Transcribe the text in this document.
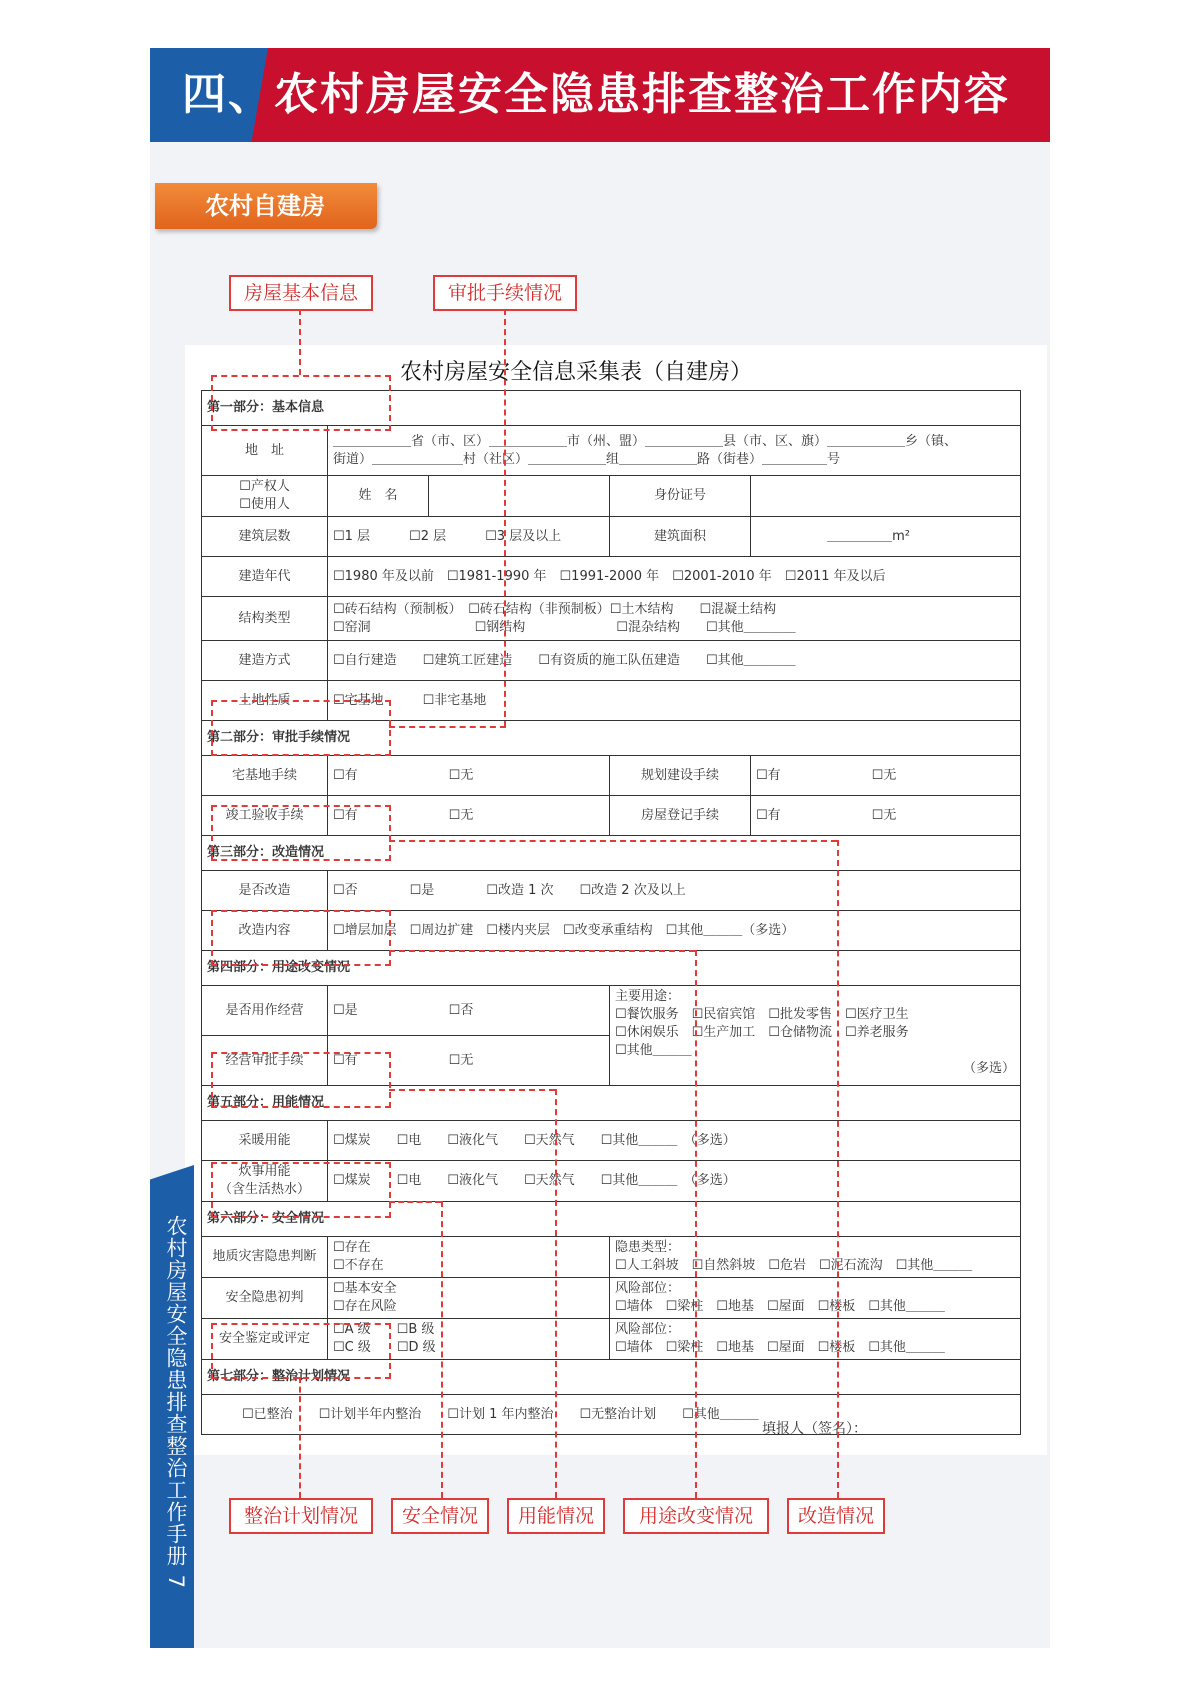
四、农村房屋安全隐患排查整治工作内容
农村自建房
房屋基本信息	审批手续情况
农村房屋安全信息采集表（自建房）
第一部分：基本信息				
地　址	＿＿＿＿＿＿省（市、区）＿＿＿＿＿＿市（州、盟）＿＿＿＿＿＿县（市、区、旗）＿＿＿＿＿＿乡（镇、
街道）＿＿＿＿＿＿＿村（社区）＿＿＿＿＿＿组＿＿＿＿＿＿路（街巷）＿＿＿＿＿号			

☐产权人
☐使用人	姓　名		身份证号	
建筑层数	☐1 层　　　☐2 层　　　☐3 层及以上		建筑面积	＿＿＿＿＿m²
建造年代	☐1980 年及以前　☐1981-1990 年　☐1991-2000 年　☐2001-2010 年　☐2011 年及以后			
结构类型	☐砖石结构（预制板）　☐砖石结构（非预制板）☐土木结构　　☐混凝土结构
☐窑洞　　　　　　　　☐钢结构　　　　　　　☐混杂结构　　☐其他＿＿＿＿			

建造方式	☐自行建造　　☐建筑工匠建造　　☐有资质的施工队伍建造　　☐其他＿＿＿＿			
土地性质	☐宅基地　　　☐非宅基地			
第二部分：审批手续情况				
宅基地手续	☐有　　　　　　　 ☐无		规划建设手续	☐有　　　　　　　 ☐无
竣工验收手续	☐有　　　　　　　 ☐无		房屋登记手续	☐有　　　　　　　 ☐无
第三部分：改造情况				
是否改造	☐否　　　　☐是　　　　☐改造 1 次　　☐改造 2 次及以上			
改造内容	☐增层加层　☐周边扩建　☐楼内夹层　☐改变承重结构　☐其他＿＿＿（多选）			
第四部分：用途改变情况				
是否用作经营	☐是　　　　　　　 ☐否		主要用途：
☐餐饮服务　☐民宿宾馆　☐批发零售　☐医疗卫生
☐休闲娱乐　☐生产加工　☐仓储物流　☐养老服务
☐其他＿＿＿
（多选）	

经营审批手续	☐有　　　　　　　 ☐无			
第五部分：用能情况				
采暖用能	☐煤炭　　☐电　　☐液化气　　☐天然气　　☐其他＿＿＿　（多选）			

炊事用能
（含生活热水）	☐煤炭　　☐电　　☐液化气　　☐天然气　　☐其他＿＿＿　（多选）			
第六部分：安全情况				
地质灾害隐患判断	☐存在
☐不存在		隐患类型：
☐人工斜坡　☐自然斜坡　☐危岩　☐泥石流沟　☐其他＿＿＿	

安全隐患初判	☐基本安全
☐存在风险		风险部位：
☐墙体　☐梁柱　☐地基　☐屋面　☐楼板　☐其他＿＿＿	

安全鉴定或评定	☐A 级　　☐B 级
☐C 级　　☐D 级		风险部位：
☐墙体　☐梁柱　☐地基　☐屋面　☐楼板　☐其他＿＿＿	

第七部分：整治计划情况				
☐已整治　　☐计划半年内整治　　☐计划 1 年内整治　　☐无整治计划　　☐其他＿＿＿				
填报人（签名）：
整治计划情况	安全情况	用能情况	用途改变情况	改造情况
农村房屋安全隐患排查整治工作手册 7
